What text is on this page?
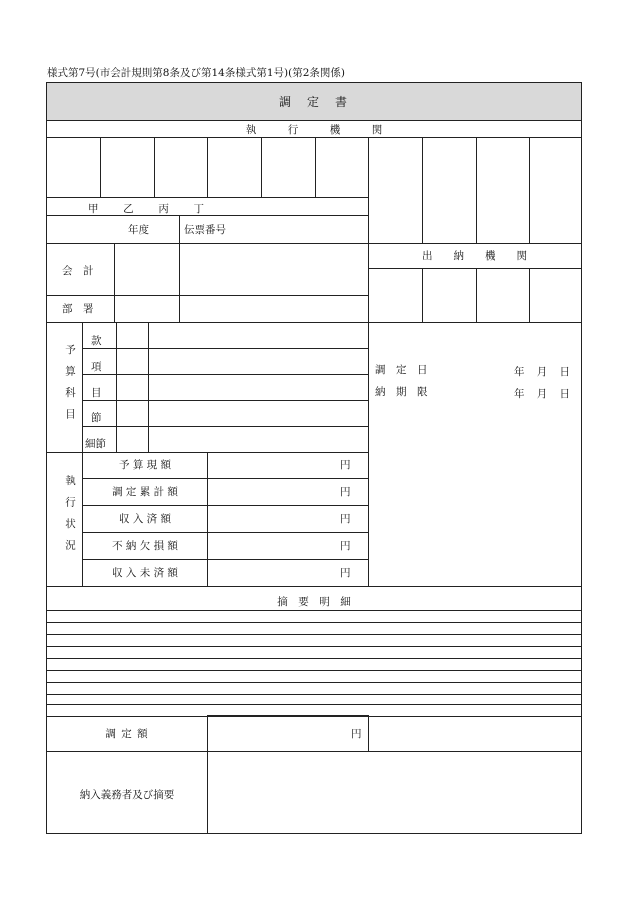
様式第7号(市会計規則第8条及び第14条様式第1号)(第2条関係)
調　定　書
執　　　行　　　機　　　関
甲 乙 丙 丁
年度	伝票番号
出　　納　　機　　関
会　計
部　署
予算科目
款
項
目
節
細節
調　定　日	年 月 日
納　期　限	年 月 日
執行状況
予 算 現 額	円
調 定 累 計 額	円
収 入 済 額	円
不 納 欠 損 額	円
収 入 未 済 額	円
摘　要　明　細
調 定 額	円
納入義務者及び摘要
